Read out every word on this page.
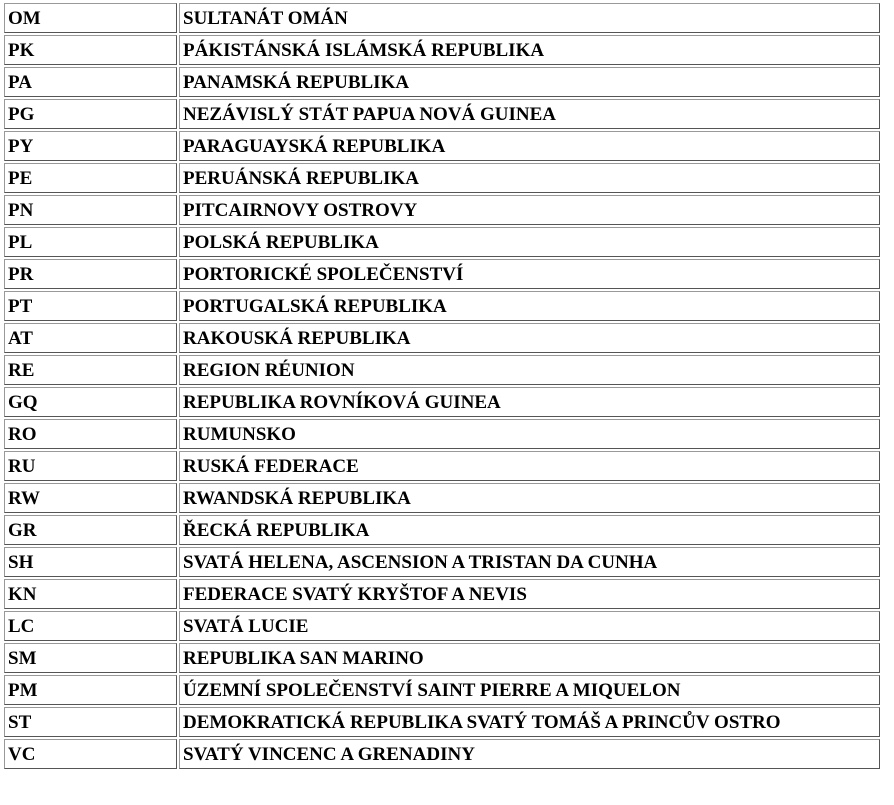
OM	SULTANÁT OMÁN
PK	PÁKISTÁNSKÁ ISLÁMSKÁ REPUBLIKA
PA	PANAMSKÁ REPUBLIKA
PG	NEZÁVISLÝ STÁT PAPUA NOVÁ GUINEA
PY	PARAGUAYSKÁ REPUBLIKA
PE	PERUÁNSKÁ REPUBLIKA
PN	PITCAIRNOVY OSTROVY
PL	POLSKÁ REPUBLIKA
PR	PORTORICKÉ SPOLEČENSTVÍ
PT	PORTUGALSKÁ REPUBLIKA
AT	RAKOUSKÁ REPUBLIKA
RE	REGION RÉUNION
GQ	REPUBLIKA ROVNÍKOVÁ GUINEA
RO	RUMUNSKO
RU	RUSKÁ FEDERACE
RW	RWANDSKÁ REPUBLIKA
GR	ŘECKÁ REPUBLIKA
SH	SVATÁ HELENA, ASCENSION A TRISTAN DA CUNHA
KN	FEDERACE SVATÝ KRYŠTOF A NEVIS
LC	SVATÁ LUCIE
SM	REPUBLIKA SAN MARINO
PM	ÚZEMNÍ SPOLEČENSTVÍ SAINT PIERRE A MIQUELON
ST	DEMOKRATICKÁ REPUBLIKA SVATÝ TOMÁŠ A PRINCŮV OSTRO
VC	SVATÝ VINCENC A GRENADINY
